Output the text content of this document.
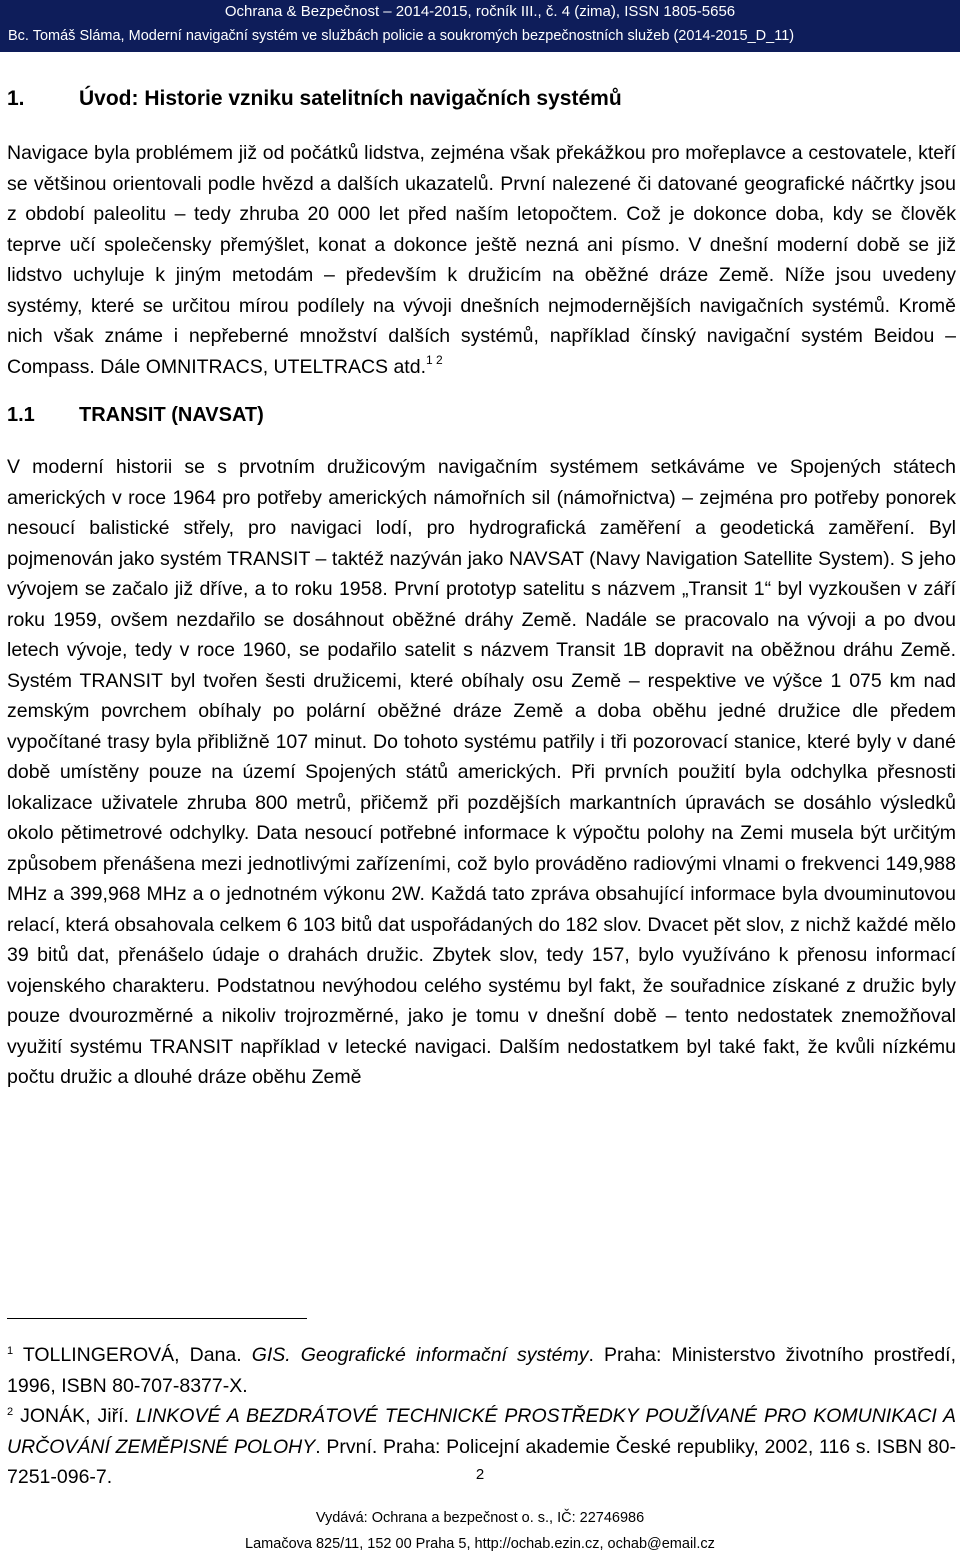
Ochrana & Bezpečnost – 2014-2015, ročník III., č. 4 (zima), ISSN 1805-5656
Bc. Tomáš Sláma, Moderní navigační systém ve službách policie a soukromých bezpečnostních služeb (2014-2015_D_11)
1.	Úvod: Historie vzniku satelitních navigačních systémů

Navigace byla problémem již od počátků lidstva, zejména však překážkou pro mořeplavce a cestovatele, kteří se většinou orientovali podle hvězd a dalších ukazatelů. První nalezené či datované geografické náčrtky jsou z období paleolitu – tedy zhruba 20 000 let před naším letopočtem. Což je dokonce doba, kdy se člověk teprve učí společensky přemýšlet, konat a dokonce ještě nezná ani písmo. V dnešní moderní době se již lidstvo uchyluje k jiným metodám – především k družicím na oběžné dráze Země. Níže jsou uvedeny systémy, které se určitou mírou podílely na vývoji dnešních nejmodernějších navigačních systémů. Kromě nich však známe i nepřeberné množství dalších systémů, například čínský navigační systém Beidou – Compass. Dále OMNITRACS, UTELTRACS atd.$^{1 2}$

1.1 TRANSIT (NAVSAT)

V moderní historii se s prvotním družicovým navigačním systémem setkáváme ve Spojených státech amerických v roce 1964 pro potřeby amerických námořních sil (námořnictva) – zejména pro potřeby ponorek nesoucí balistické střely, pro navigaci lodí, pro hydrografická zaměření a geodetická zaměření. Byl pojmenován jako systém TRANSIT – taktéž nazýván jako NAVSAT (Navy Navigation Satellite System). S jeho vývojem se začalo již dříve, a to roku 1958. První prototyp satelitu s názvem „Transit 1“ byl vyzkoušen v září roku 1959, ovšem nezdařilo se dosáhnout oběžné dráhy Země. Nadále se pracovalo na vývoji a po dvou letech vývoje, tedy v roce 1960, se podařilo satelit s názvem Transit 1B dopravit na oběžnou dráhu Země. Systém TRANSIT byl tvořen šesti družicemi, které obíhaly osu Země – respektive ve výšce 1 075 km nad zemským povrchem obíhaly po polární oběžné dráze Země a doba oběhu jedné družice dle předem vypočítané trasy byla přibližně 107 minut. Do tohoto systému patřily i tři pozorovací stanice, které byly v dané době umístěny pouze na území Spojených států amerických. Při prvních použití byla odchylka přesnosti lokalizace uživatele zhruba 800 metrů, přičemž při pozdějších markantních úpravách se dosáhlo výsledků okolo pětimetrové odchylky. Data nesoucí potřebné informace k výpočtu polohy na Zemi musela být určitým způsobem přenášena mezi jednotlivými zařízeními, což bylo prováděno radiovými vlnami o frekvenci 149,988 MHz a 399,968 MHz a o jednotném výkonu 2W. Každá tato zpráva obsahující informace byla dvouminutovou relací, která obsahovala celkem 6 103 bitů dat uspořádaných do 182 slov. Dvacet pět slov, z nichž každé mělo 39 bitů dat, přenášelo údaje o drahách družic. Zbytek slov, tedy 157, bylo využíváno k přenosu informací vojenského charakteru. Podstatnou nevýhodou celého systému byl fakt, že souřadnice získané z družic byly pouze dvourozměrné a nikoliv trojrozměrné, jako je tomu v dnešní době – tento nedostatek znemožňoval využití systému TRANSIT například v letecké navigaci. Dalším nedostatkem byl také fakt, že kvůli nízkému počtu družic a dlouhé dráze oběhu Země

$^1$ TOLLINGEROVÁ, Dana. GIS. Geografické informační systémy. Praha: Ministerstvo životního prostředí, 1996, ISBN 80-707-8377-X.

$^2$ JONÁK, Jiří. LINKOVÉ A BEZDRÁTOVÉ TECHNICKÉ PROSTŘEDKY POUŽÍVANÉ PRO KOMUNIKACI A URČOVÁNÍ ZEMĚPISNÉ POLOHY. První. Praha: Policejní akademie České republiky, 2002, 116 s. ISBN 80-7251-096-7.	2
Vydává: Ochrana a bezpečnost o. s., IČ: 22746986
Lamačova 825/11, 152 00 Praha 5, http://ochab.ezin.cz, ochab@email.cz
